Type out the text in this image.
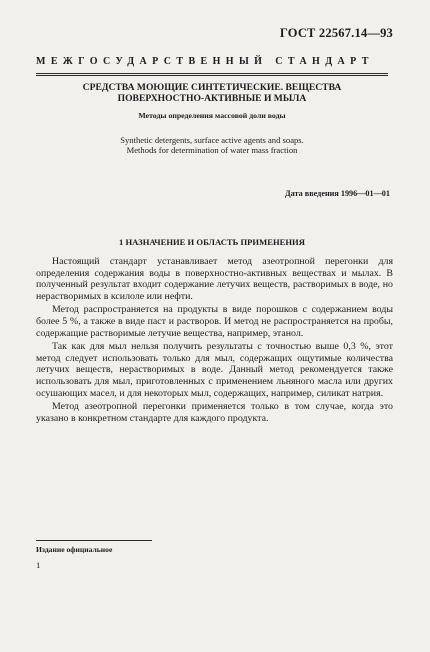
ГОСТ 22567.14—93
МЕЖГОСУДАРСТВЕННЫЙ СТАНДАРТ
СРЕДСТВА МОЮЩИЕ СИНТЕТИЧЕСКИЕ. ВЕЩЕСТВА
ПОВЕРХНОСТНО-АКТИВНЫЕ И МЫЛА
Методы определения массовой доли воды
Synthetic detergents, surface active agents and soaps.
Methods for determination of water mass fraction
Дата введения 1996—01—01
1 НАЗНАЧЕНИЕ И ОБЛАСТЬ ПРИМЕНЕНИЯ

Настоящий стандарт устанавливает метод азеотропной перегонки для определения содержания воды в поверхностно-активных веществах и мылах. В полученный результат входит содержание летучих веществ, растворимых в воде, но нерастворимых в ксилоле или нефти.

Метод распространяется на продукты в виде порошков с содержанием воды более 5 %, а также в виде паст и растворов. И метод не распространяется на пробы, содержащие растворимые летучие вещества, например, этанол.

Так как для мыл нельзя получить результаты с точностью выше 0,3 %, этот метод следует использовать только для мыл, содержащих ощутимые количества летучих веществ, нерастворимых в воде. Данный метод рекомендуется также использовать для мыл, приготовленных с применением льняного масла или других осушающих масел, и для некоторых мыл, содержащих, например, силикат натрия.

Метод азеотропной перегонки применяется только в том случае, когда это указано в конкретном стандарте для каждого продукта.

Издание официальное
1
